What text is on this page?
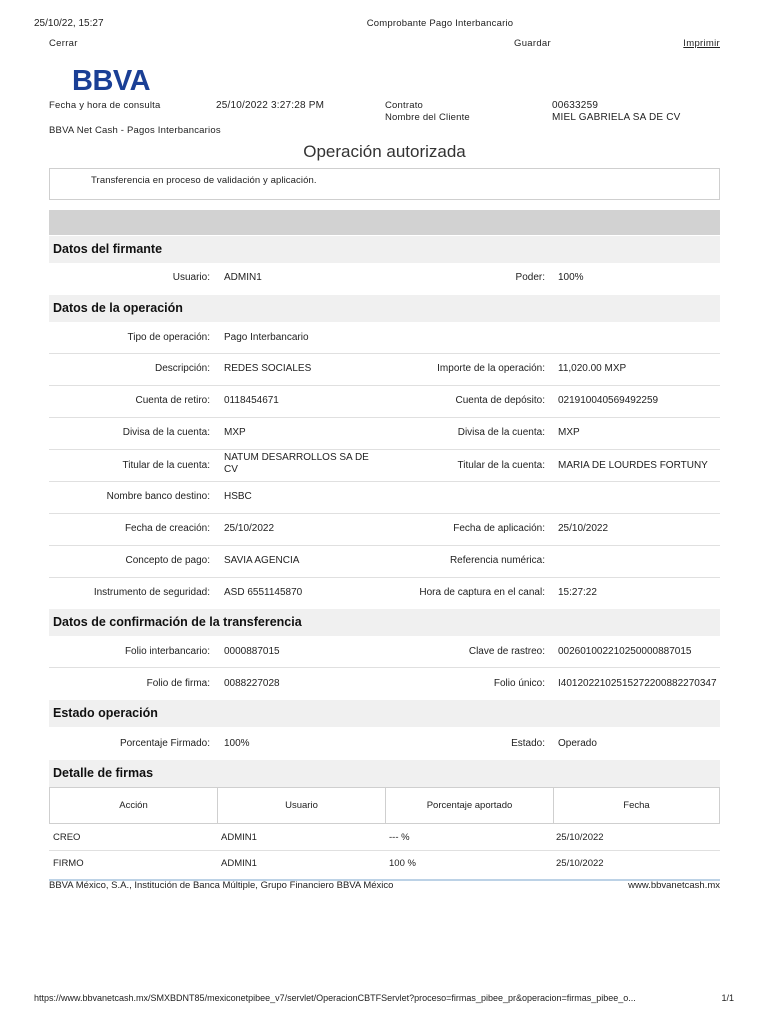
25/10/22, 15:27	Comprobante Pago Interbancario
Cerrar	Guardar	Imprimir
BBVA
Fecha y hora de consulta	25/10/2022 3:27:28 PM	Contrato	00633259
Nombre del Cliente	MIEL GABRIELA SA DE CV
BBVA Net Cash - Pagos Interbancarios
Operación autorizada
Transferencia en proceso de validación y aplicación.
Datos del firmante
Usuario: ADMIN1	Poder: 100%
Datos de la operación
Tipo de operación: Pago Interbancario
Descripción: REDES SOCIALES	Importe de la operación: 11,020.00 MXP
Cuenta de retiro: 0118454671	Cuenta de depósito: 021910040569492259
Divisa de la cuenta: MXP	Divisa de la cuenta: MXP
Titular de la cuenta:
NATUM DESARROLLOS SA DE CV	Titular de la cuenta: MARIA DE LOURDES FORTUNY
Nombre banco destino: HSBC
Fecha de creación: 25/10/2022	Fecha de aplicación: 25/10/2022
Concepto de pago: SAVIA AGENCIA	Referencia numérica:
Instrumento de seguridad: ASD 6551145870	Hora de captura en el canal: 15:27:22
Datos de confirmación de la transferencia
Folio interbancario: 0000887015	Clave de rastreo: 002601002210250000887015
Folio de firma: 0088227028	Folio único: I4012022102515272200882270347
Estado operación
Porcentaje Firmado: 100%	Estado: Operado
Detalle de firmas
Acción	Usuario	Porcentaje aportado	Fecha
CREO	ADMIN1	--- %	25/10/2022
FIRMO	ADMIN1	100 %	25/10/2022
BBVA México, S.A., Institución de Banca Múltiple, Grupo Financiero BBVA México	www.bbvanetcash.mx
https://www.bbvanetcash.mx/SMXBDNT85/mexiconetpibee_v7/servlet/OperacionCBTFServlet?proceso=firmas_pibee_pr&operacion=firmas_pibee_o...	1/1
